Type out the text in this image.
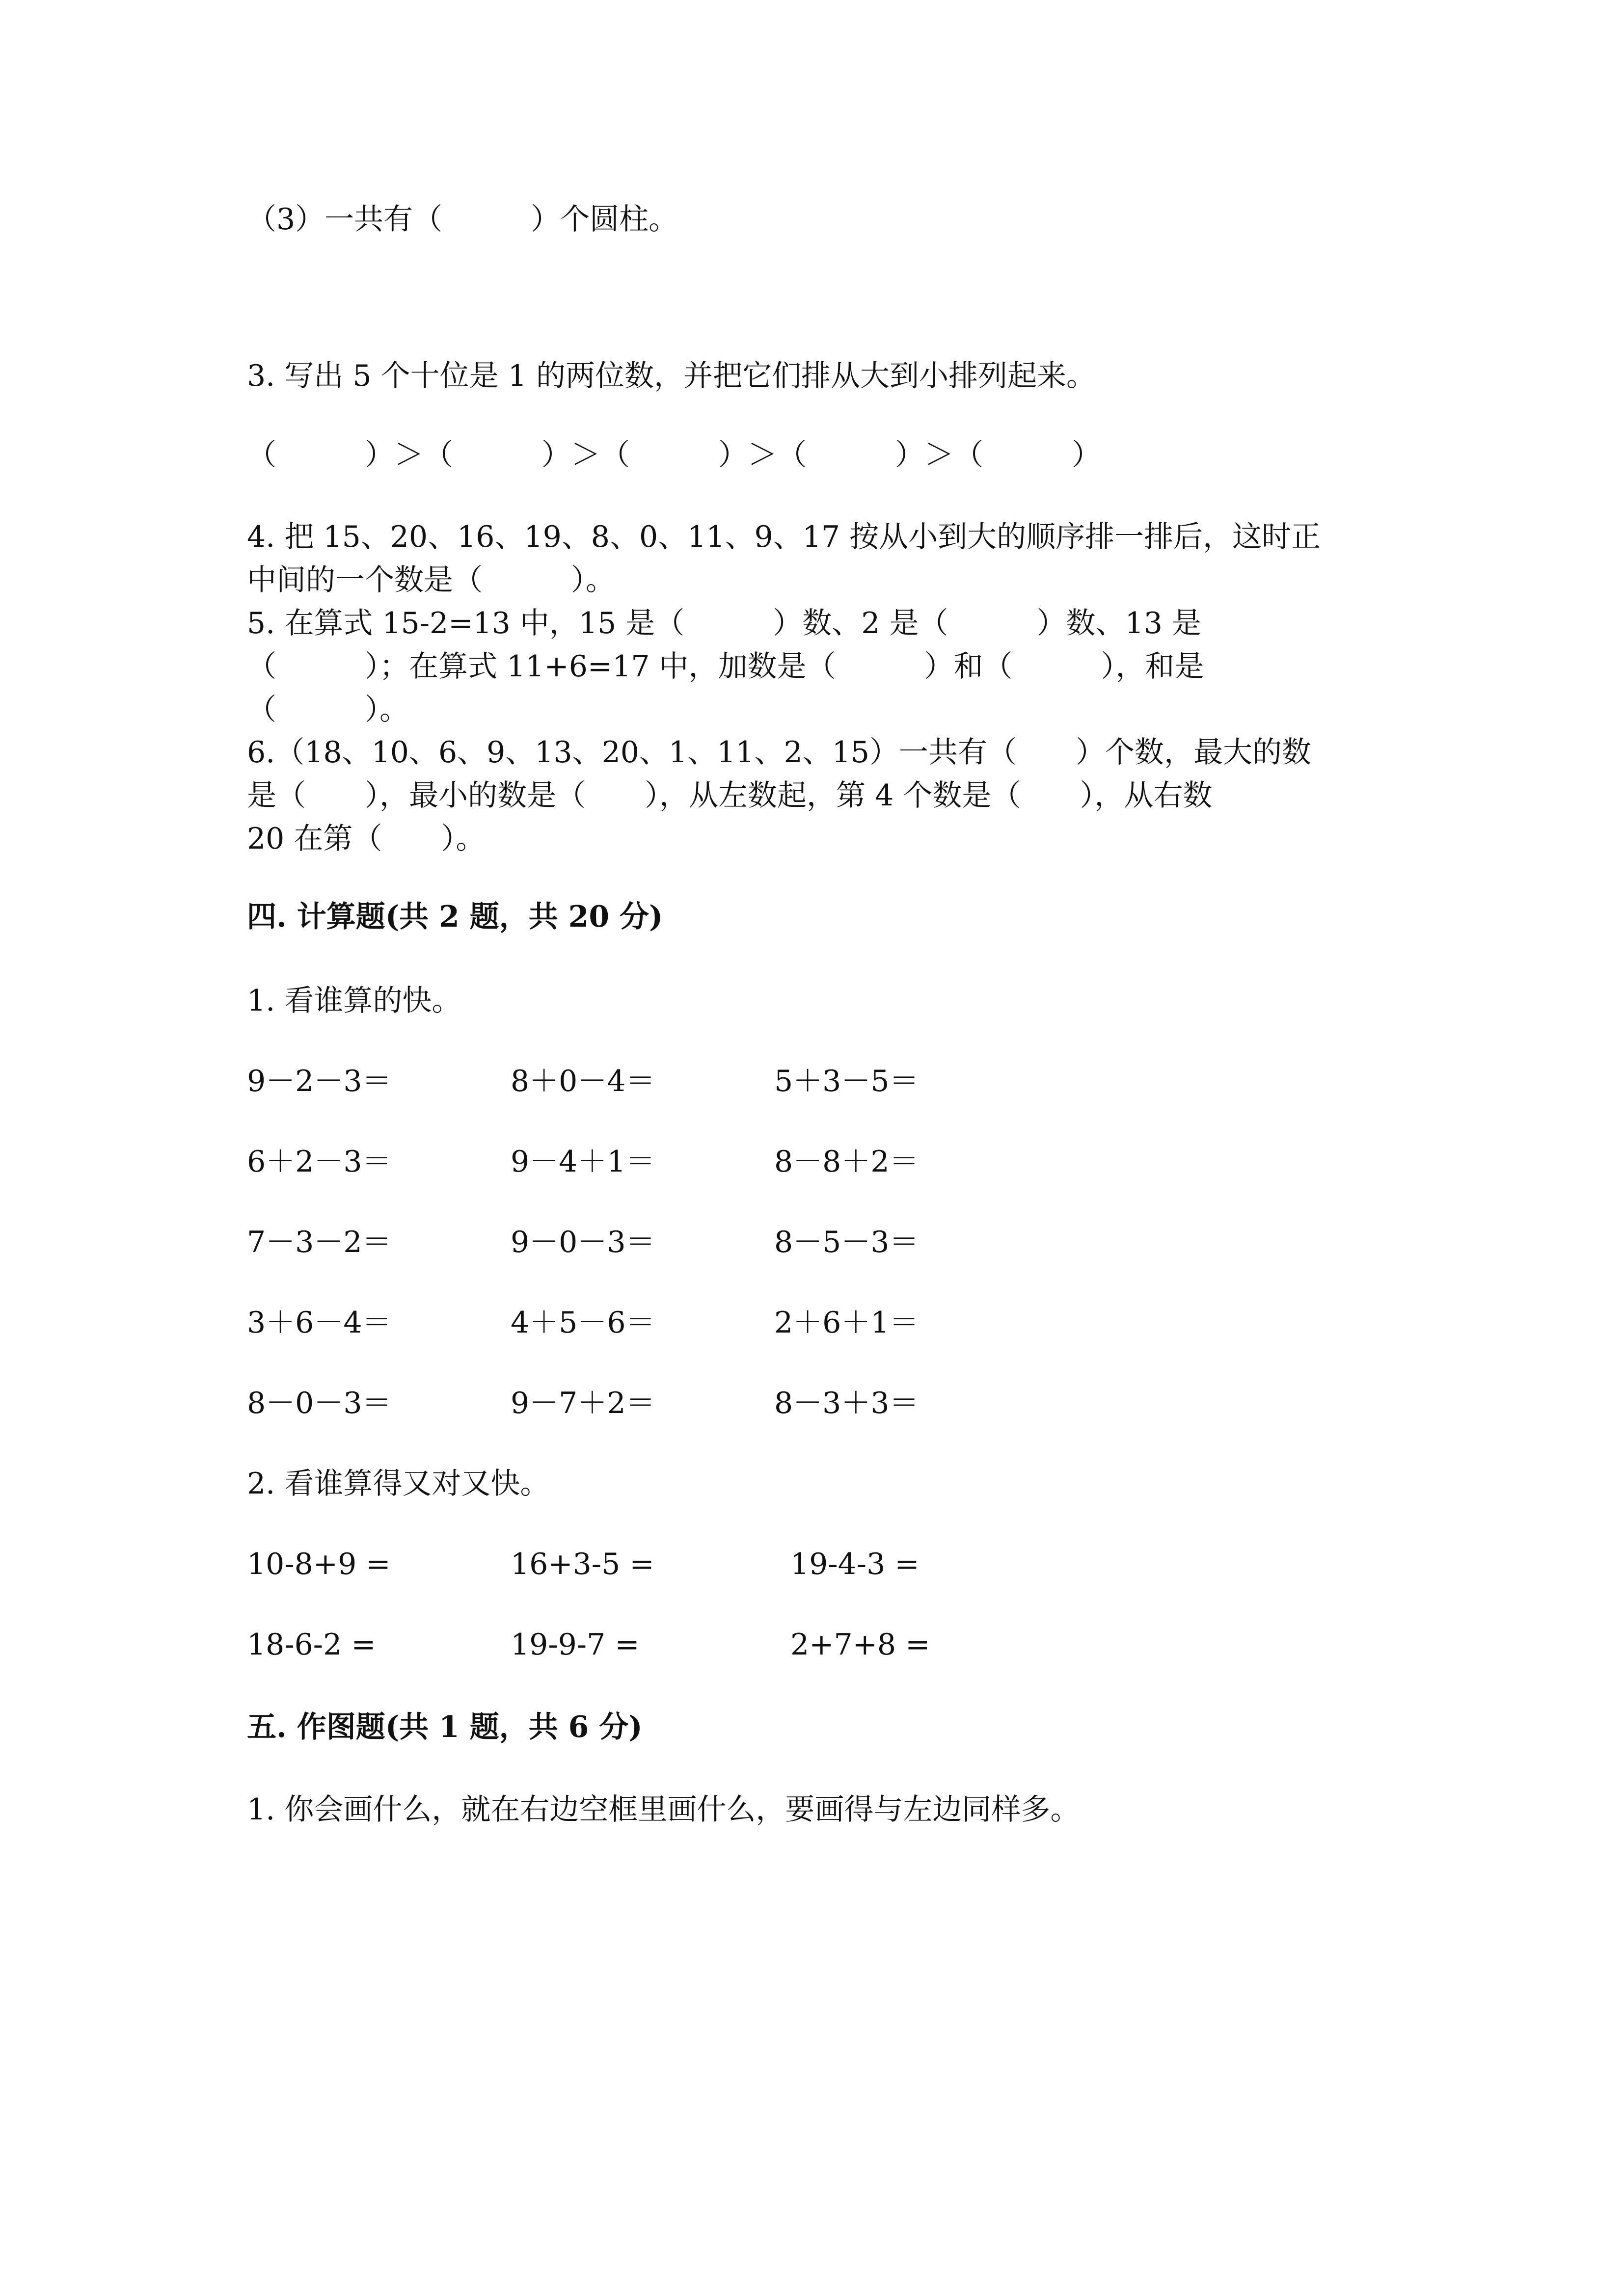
（3）一共有（　　　）个圆柱。
3. 写出 5 个十位是 1 的两位数，并把它们排从大到小排列起来。
（　　　）＞（　　　）＞（　　　）＞（　　　）＞（　　　）
4. 把 15、20、16、19、8、0、11、9、17 按从小到大的顺序排一排后，这时正
中间的一个数是（　　　）。
5. 在算式 15-2=13 中，15 是（　　　）数、2 是（　　　）数、13 是
（　　　）；在算式 11+6=17 中，加数是（　　　）和（　　　），和是
（　　　）。
6.（18、10、6、9、13、20、1、11、2、15）一共有（　　）个数，最大的数
是（　　），最小的数是（　　），从左数起，第 4 个数是（　　），从右数
20 在第（　　）。
四. 计算题(共 2 题，共 20 分)
1. 看谁算的快。
9－2－3＝	8＋0－4＝	5＋3－5＝
6＋2－3＝	9－4＋1＝	8－8＋2＝
7－3－2＝	9－0－3＝	8－5－3＝
3＋6－4＝	4＋5－6＝	2＋6＋1＝
8－0－3＝	9－7＋2＝	8－3＋3＝
2. 看谁算得又对又快。
10-8+9 =	16+3-5 =	19-4-3 =
18-6-2 =	19-9-7 =	2+7+8 =
五. 作图题(共 1 题，共 6 分)
1. 你会画什么，就在右边空框里画什么，要画得与左边同样多。
